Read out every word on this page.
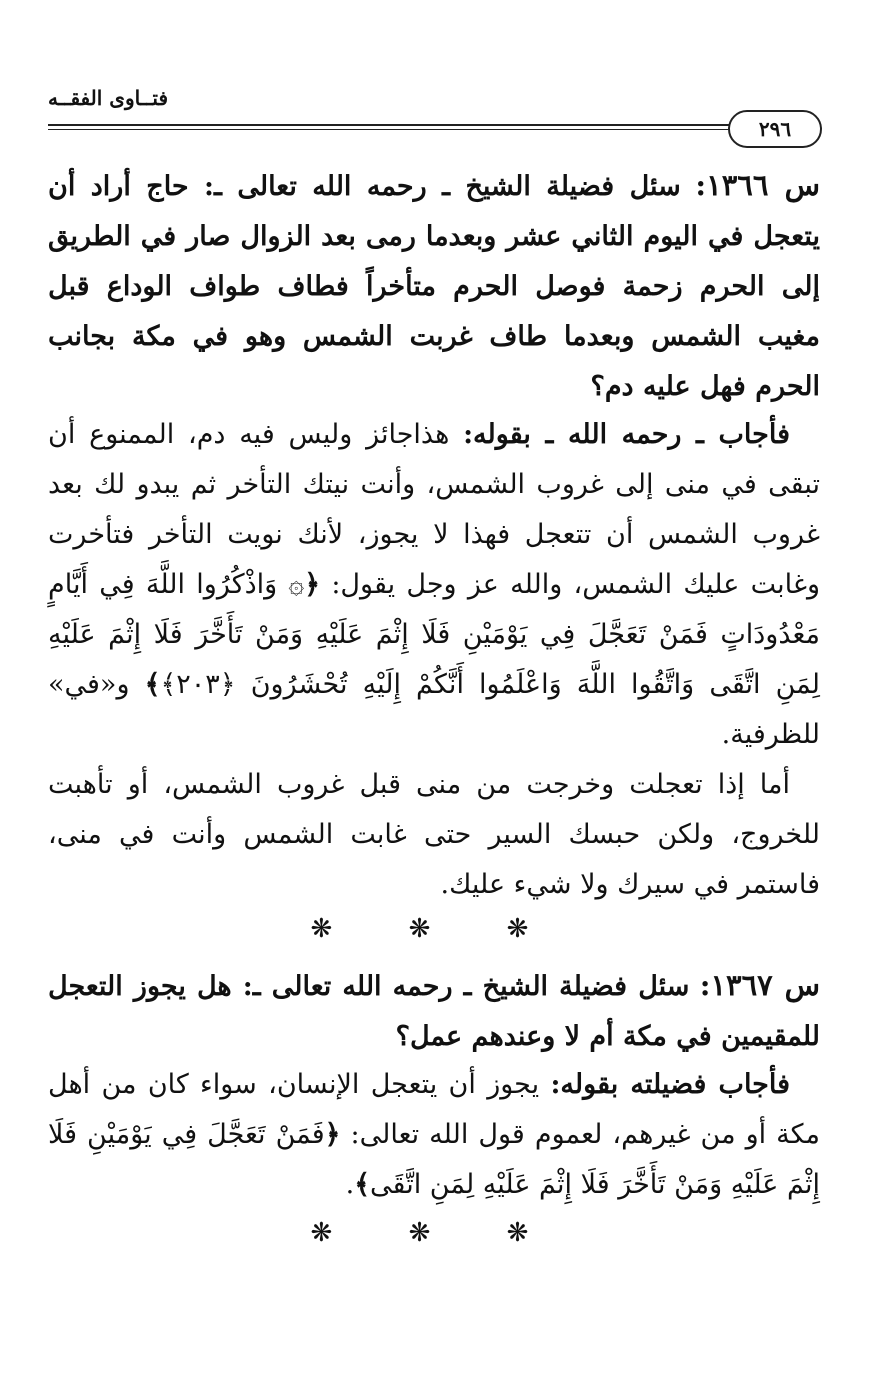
فتــاوى الفقــه
٢٩٦
س ١٣٦٦: سئل فضيلة الشيخ ـ رحمه الله تعالى ـ: حاج أراد أن يتعجل في اليوم الثاني عشر وبعدما رمى بعد الزوال صار في الطريق إلى الحرم زحمة فوصل الحرم متأخراً فطاف طواف الوداع قبل مغيب الشمس وبعدما طاف غربت الشمس وهو في مكة بجانب الحرم فهل عليه دم؟
فأجاب ـ رحمه الله ـ بقوله: هذاجائز وليس فيه دم، الممنوع أن تبقى في منى إلى غروب الشمس، وأنت نيتك التأخر ثم يبدو لك بعد غروب الشمس أن تتعجل فهذا لا يجوز، لأنك نويت التأخر فتأخرت وغابت عليك الشمس، والله عز وجل يقول: ﴿۞ وَاذْكُرُوا اللَّهَ فِي أَيَّامٍ مَعْدُودَاتٍ فَمَنْ تَعَجَّلَ فِي يَوْمَيْنِ فَلَا إِثْمَ عَلَيْهِ وَمَنْ تَأَخَّرَ فَلَا إِثْمَ عَلَيْهِ لِمَنِ اتَّقَى وَاتَّقُوا اللَّهَ وَاعْلَمُوا أَنَّكُمْ إِلَيْهِ تُحْشَرُونَ ﴿٢٠٣﴾﴾ و«في» للظرفية.
أما إذا تعجلت وخرجت من منى قبل غروب الشمس، أو تأهبت للخروج، ولكن حبسك السير حتى غابت الشمس وأنت في منى، فاستمر في سيرك ولا شيء عليك.
❋ ❋ ❋
س ١٣٦٧: سئل فضيلة الشيخ ـ رحمه الله تعالى ـ: هل يجوز التعجل للمقيمين في مكة أم لا وعندهم عمل؟
فأجاب فضيلته بقوله: يجوز أن يتعجل الإنسان، سواء كان من أهل مكة أو من غيرهم، لعموم قول الله تعالى: ﴿فَمَنْ تَعَجَّلَ فِي يَوْمَيْنِ فَلَا إِثْمَ عَلَيْهِ وَمَنْ تَأَخَّرَ فَلَا إِثْمَ عَلَيْهِ لِمَنِ اتَّقَى﴾.
❋ ❋ ❋
